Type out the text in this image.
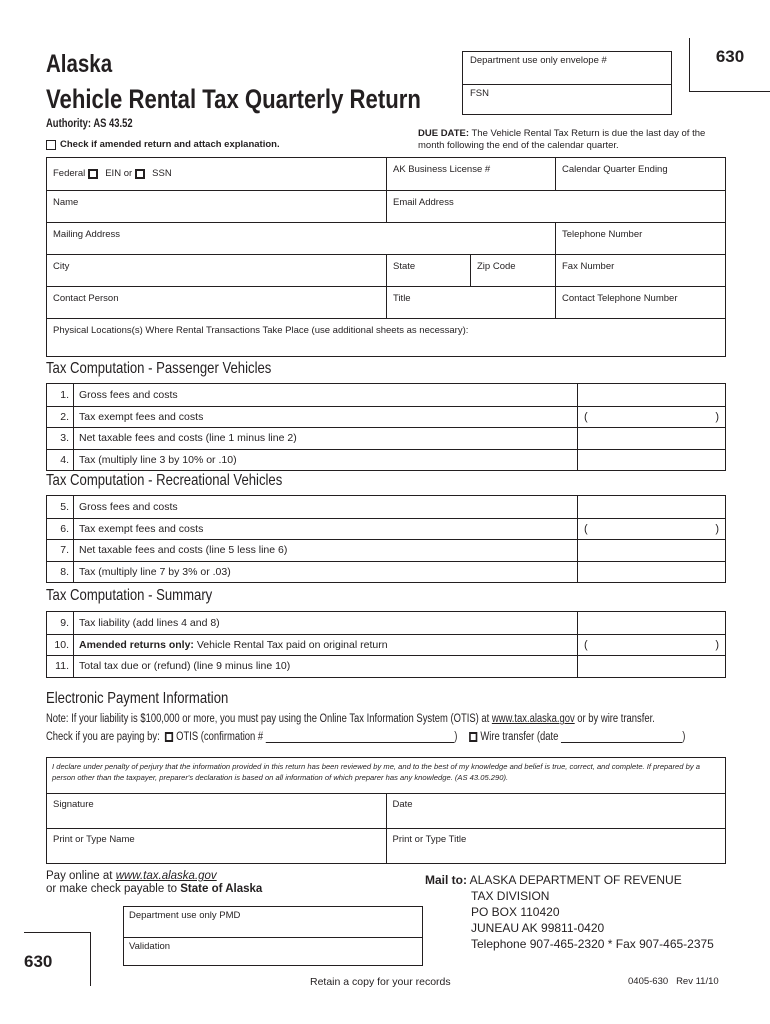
Alaska
Vehicle Rental Tax Quarterly Return
Authority: AS 43.52
Department use only envelope #
FSN
630
Check if amended return and attach explanation.
DUE DATE: The Vehicle Rental Tax Return is due the last day of the
month following the end of the calendar quarter.
Federal EIN or SSN	AK Business License #	Calendar Quarter Ending
Name	Email Address
Mailing Address	Telephone Number
City	State	Zip Code	Fax Number
Contact Person	Title	Contact Telephone Number
Physical Locations(s) Where Rental Transactions Take Place (use additional sheets as necessary):
Tax Computation - Passenger Vehicles
1. Gross fees and costs
2. Tax exempt fees and costs	(	)
3. Net taxable fees and costs (line 1 minus line 2)
4. Tax (multiply line 3 by 10% or .10)
Tax Computation - Recreational Vehicles
5. Gross fees and costs
6. Tax exempt fees and costs	(	)
7. Net taxable fees and costs (line 5 less line 6)
8. Tax (multiply line 7 by 3% or .03)
Tax Computation - Summary
9. Tax liability (add lines 4 and 8)
10. Amended returns only: Vehicle Rental Tax paid on original return	(	)
11. Total tax due or (refund) (line 9 minus line 10)
Electronic Payment Information
Note: If your liability is $100,000 or more, you must pay using the Online Tax Information System (OTIS) at www.tax.alaska.gov or by wire transfer.
Check if you are paying by: OTIS (confirmation #	) Wire transfer (date	)
I declare under penalty of perjury that the information provided in this return has been reviewed by me, and to the best of my knowledge and belief is true, correct, and complete. If prepared by a person other than the taxpayer, preparer's declaration is based on all information of which preparer has any knowledge. (AS 43.05.290).
Signature	Date
Print or Type Name	Print or Type Title
Pay online at www.tax.alaska.gov
or make check payable to State of Alaska
Department use only PMD
Validation
Mail to: ALASKA DEPARTMENT OF REVENUE
TAX DIVISION
PO BOX 110420
JUNEAU AK 99811-0420
Telephone 907-465-2320 * Fax 907-465-2375
630
Retain a copy for your records	0405-630   Rev 11/10
